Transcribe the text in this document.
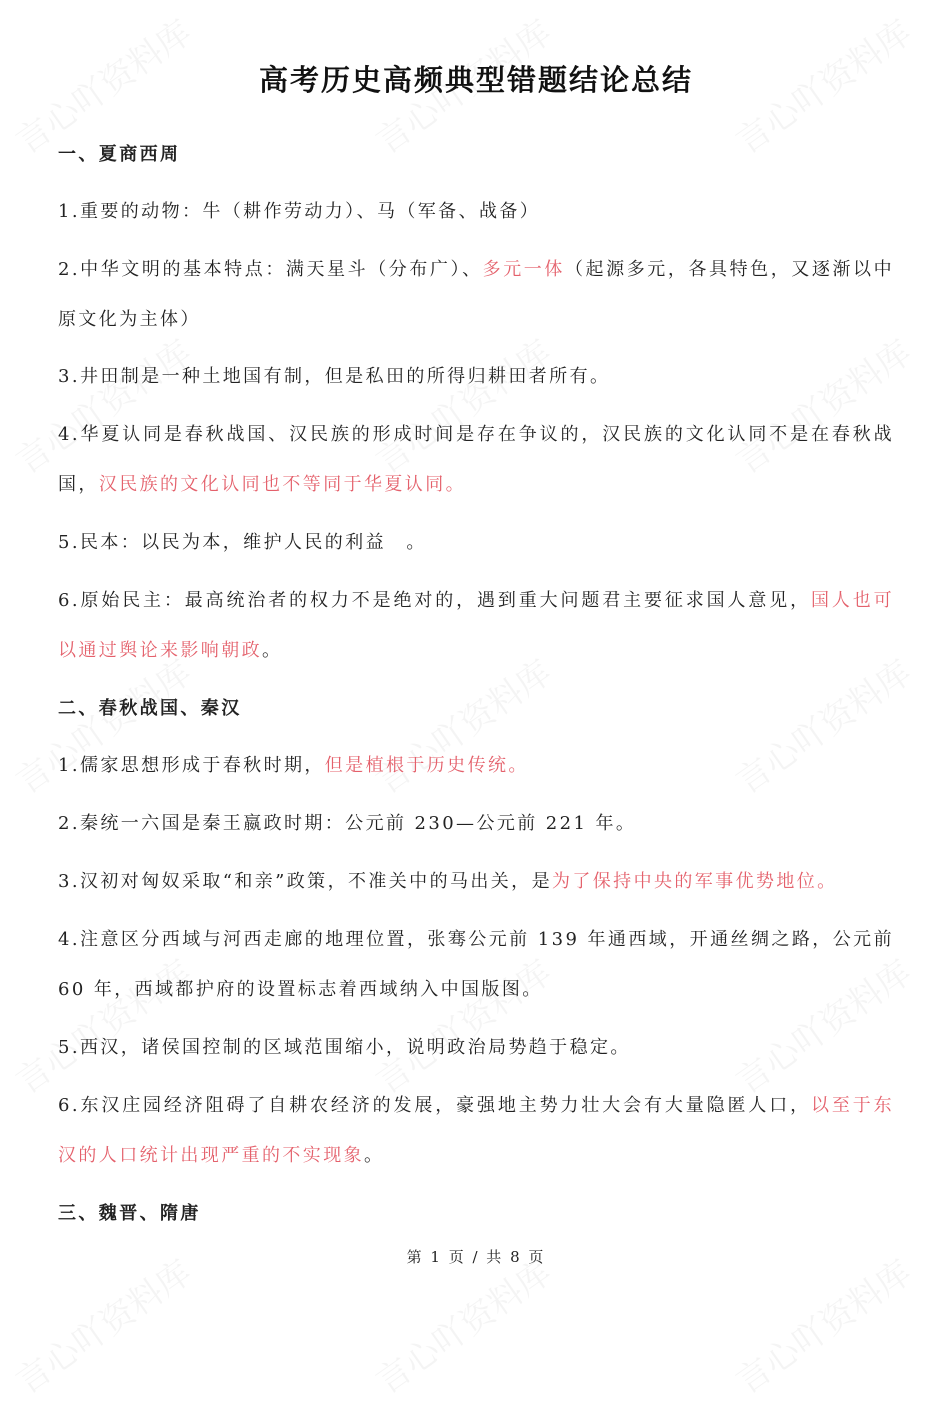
高考历史高频典型错题结论总结
一、夏商西周
1.重要的动物：牛（耕作劳动力）、马（军备、战备）
2.中华文明的基本特点：满天星斗（分布广）、多元一体（起源多元，各具特色，又逐渐以中原文化为主体）
3.井田制是一种土地国有制，但是私田的所得归耕田者所有。
4.华夏认同是春秋战国、汉民族的形成时间是存在争议的，汉民族的文化认同不是在春秋战国，汉民族的文化认同也不等同于华夏认同。
5.民本：以民为本，维护人民的利益　。
6.原始民主：最高统治者的权力不是绝对的，遇到重大问题君主要征求国人意见，国人也可以通过舆论来影响朝政。
二、春秋战国、秦汉
1.儒家思想形成于春秋时期，但是植根于历史传统。
2.秦统一六国是秦王嬴政时期：公元前 230—公元前 221 年。
3.汉初对匈奴采取“和亲”政策，不准关中的马出关，是为了保持中央的军事优势地位。
4.注意区分西域与河西走廊的地理位置，张骞公元前 139 年通西域，开通丝绸之路，公元前 60 年，西域都护府的设置标志着西域纳入中国版图。
5.西汉，诸侯国控制的区域范围缩小，说明政治局势趋于稳定。
6.东汉庄园经济阻碍了自耕农经济的发展，豪强地主势力壮大会有大量隐匿人口，以至于东汉的人口统计出现严重的不实现象。
三、魏晋、隋唐
第 1 页 / 共 8 页
